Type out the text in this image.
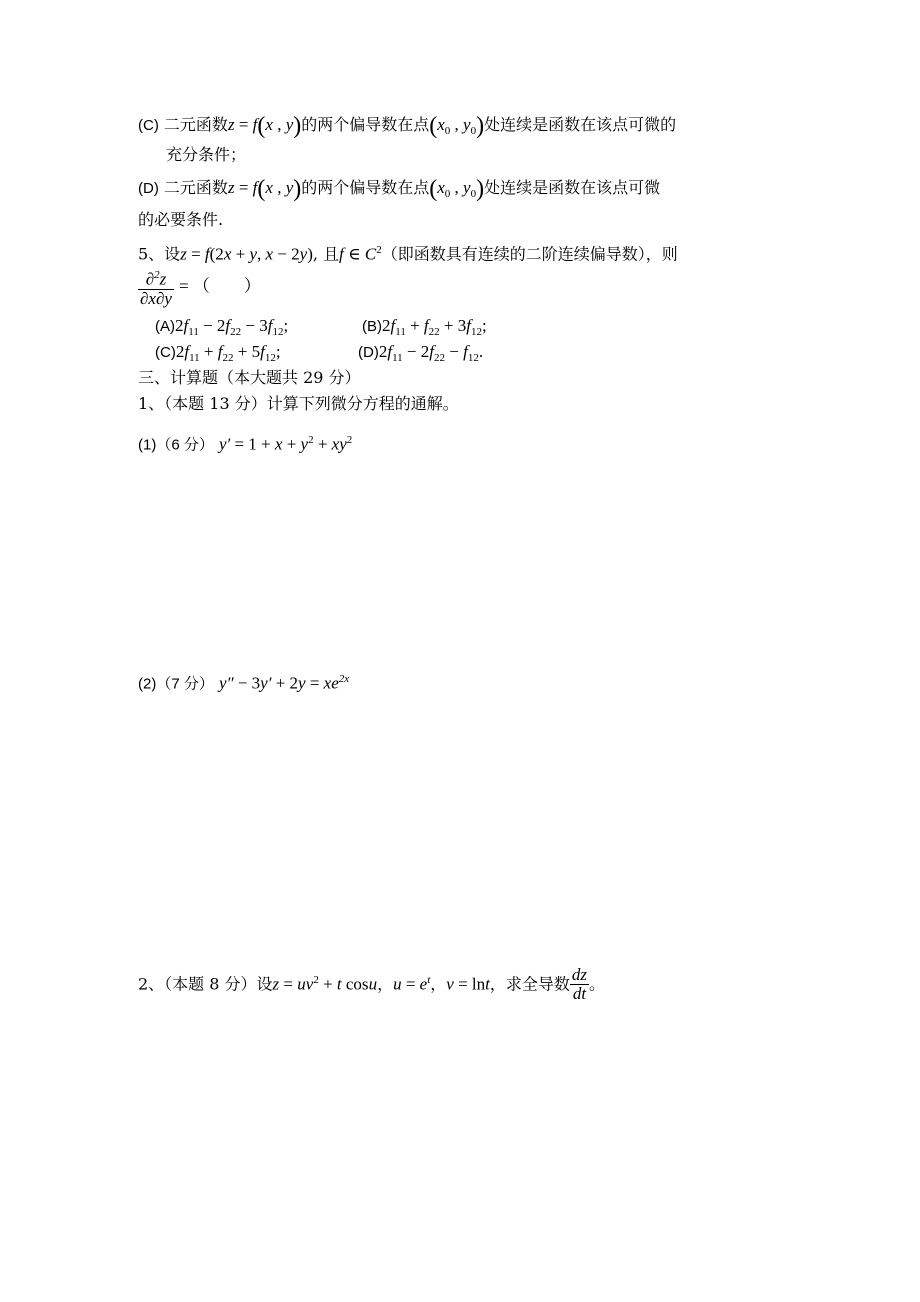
(C) 二元函数z = f(x , y)的两个偏导数在点($x_0$ , $y_0$)处连续是函数在该点可微的
充分条件；
(D) 二元函数z = f(x , y)的两个偏导数在点($x_0$ , $y_0$)处连续是函数在该点可微
的必要条件.
5、设z = f(2x + y, x − 2y), 且f ∈ $C^2$（即函数具有连续的二阶连续偏导数），则
$\frac{\partial^2z}{\partial x\partial y}$ = （　　）
$(A)2f_{11} - 2f_{22} - 3f_{12}$;	$(B)2f_{11} + f_{22} + 3f_{12}$;
$(C)2f_{11} + f_{22} + 5f_{12}$;	$(D)2f_{11} - 2f_{22} - f_{12}$.
三、计算题（本大题共 29 分）
1、（本题 13 分）计算下列微分方程的通解。
(1)（6 分） $y' = 1 + x + y^2 + xy^2$
(2)（7 分） $y'' - 3y' + 2y = xe^{2x}$
2、（本题 8 分）设$z = uv^2 + t$ cosu，$u = e^t$，v = lnt，求全导数 $\frac{dz}{dt}$ 。
